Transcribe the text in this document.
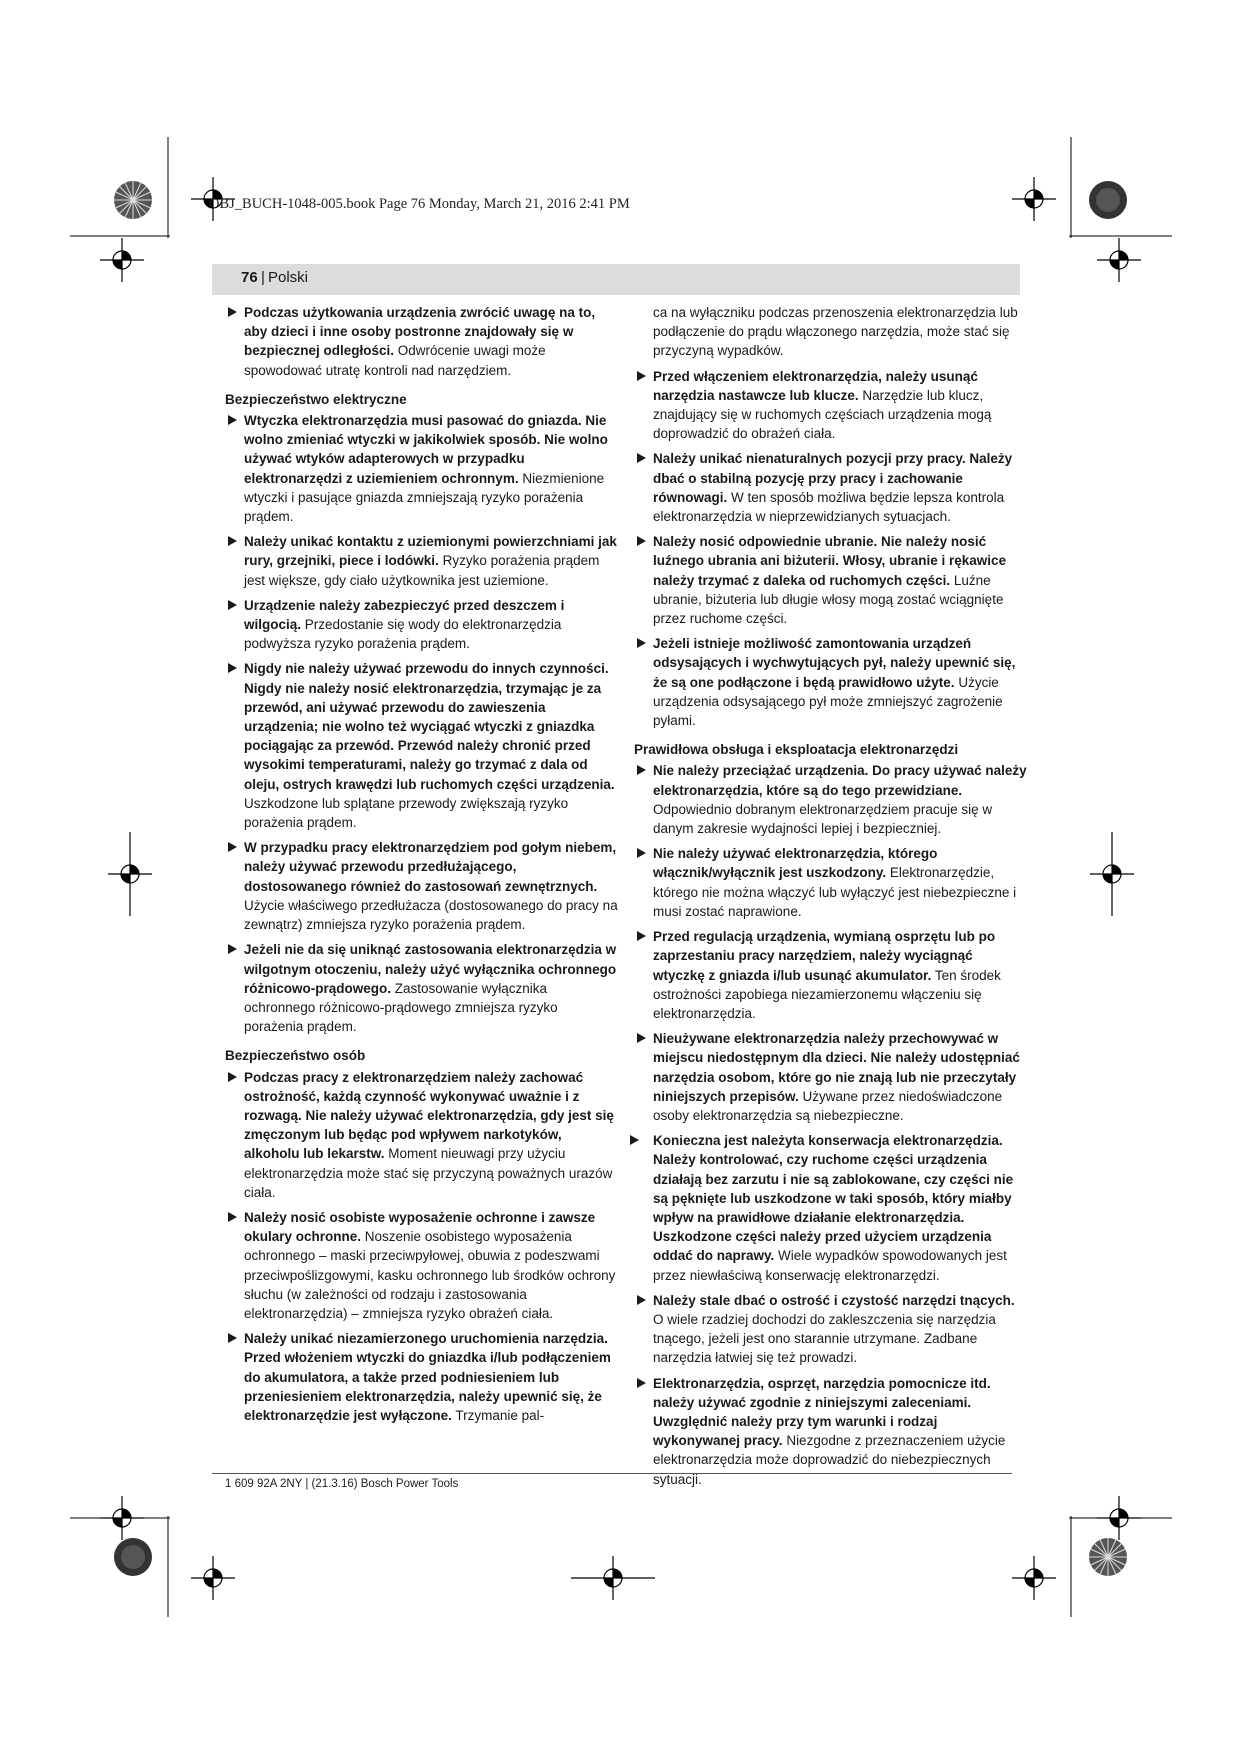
OBJ_BUCH-1048-005.book Page 76 Monday, March 21, 2016 2:41 PM
76 | Polski
Podczas użytkowania urządzenia zwrócić uwagę na to, aby dzieci i inne osoby postronne znajdowały się w bezpiecznej odległości. Odwrócenie uwagi może spowodować utratę kontroli nad narzędziem.
Bezpieczeństwo elektryczne
Wtyczka elektronarzędzia musi pasować do gniazda. Nie wolno zmieniać wtyczki w jakikolwiek sposób. Nie wolno używać wtyków adapterowych w przypadku elektronarzędzi z uziemieniem ochronnym. Niezmienione wtyczki i pasujące gniazda zmniejszają ryzyko porażenia prądem.
Należy unikać kontaktu z uziemionymi powierzchniami jak rury, grzejniki, piece i lodówki. Ryzyko porażenia prądem jest większe, gdy ciało użytkownika jest uziemione.
Urządzenie należy zabezpieczyć przed deszczem i wilgocią. Przedostanie się wody do elektronarzędzia podwyższa ryzyko porażenia prądem.
Nigdy nie należy używać przewodu do innych czynności. Nigdy nie należy nosić elektronarzędzia, trzymając je za przewód, ani używać przewodu do zawieszenia urządzenia; nie wolno też wyciągać wtyczki z gniazdka pociągając za przewód. Przewód należy chronić przed wysokimi temperaturami, należy go trzymać z dala od oleju, ostrych krawędzi lub ruchomych części urządzenia. Uszkodzone lub splątane przewody zwiększają ryzyko porażenia prądem.
W przypadku pracy elektronarzędziem pod gołym niebem, należy używać przewodu przedłużającego, dostosowanego również do zastosowań zewnętrznych. Użycie właściwego przedłużacza (dostosowanego do pracy na zewnątrz) zmniejsza ryzyko porażenia prądem.
Jeżeli nie da się uniknąć zastosowania elektronarzędzia w wilgotnym otoczeniu, należy użyć wyłącznika ochronnego różnicowo-prądowego. Zastosowanie wyłącznika ochronnego różnicowo-prądowego zmniejsza ryzyko porażenia prądem.
Bezpieczeństwo osób
Podczas pracy z elektronarzędziem należy zachować ostrożność, każdą czynność wykonywać uważnie i z rozwagą. Nie należy używać elektronarzędzia, gdy jest się zmęczonym lub będąc pod wpływem narkotyków, alkoholu lub lekarstw. Moment nieuwagi przy użyciu elektronarzędzia może stać się przyczyną poważnych urazów ciała.
Należy nosić osobiste wyposażenie ochronne i zawsze okulary ochronne. Noszenie osobistego wyposażenia ochronnego – maski przeciwpyłowej, obuwia z podeszwami przeciwpoślizgowymi, kasku ochronnego lub środków ochrony słuchu (w zależności od rodzaju i zastosowania elektronarzędzia) – zmniejsza ryzyko obrażeń ciała.
Należy unikać niezamierzonego uruchomienia narzędzia. Przed włożeniem wtyczki do gniazdka i/lub podłączeniem do akumulatora, a także przed podniesieniem lub przeniesieniem elektronarzędzia, należy upewnić się, że elektronarzędzie jest wyłączone. Trzymanie pal-
ca na wyłączniku podczas przenoszenia elektronarzędzia lub podłączenie do prądu włączonego narzędzia, może stać się przyczyną wypadków.
Przed włączeniem elektronarzędzia, należy usunąć narzędzia nastawcze lub klucze. Narzędzie lub klucz, znajdujący się w ruchomych częściach urządzenia mogą doprowadzić do obrażeń ciała.
Należy unikać nienaturalnych pozycji przy pracy. Należy dbać o stabilną pozycję przy pracy i zachowanie równowagi. W ten sposób możliwa będzie lepsza kontrola elektronarzędzia w nieprzewidzianych sytuacjach.
Należy nosić odpowiednie ubranie. Nie należy nosić luźnego ubrania ani biżuterii. Włosy, ubranie i rękawice należy trzymać z daleka od ruchomych części. Luźne ubranie, biżuteria lub długie włosy mogą zostać wciągnięte przez ruchome części.
Jeżeli istnieje możliwość zamontowania urządzeń odsysających i wychwytujących pył, należy upewnić się, że są one podłączone i będą prawidłowo użyte. Użycie urządzenia odsysającego pył może zmniejszyć zagrożenie pyłami.
Prawidłowa obsługa i eksploatacja elektronarzędzi
Nie należy przeciążać urządzenia. Do pracy używać należy elektronarzędzia, które są do tego przewidziane. Odpowiednio dobranym elektronarzędziem pracuje się w danym zakresie wydajności lepiej i bezpieczniej.
Nie należy używać elektronarzędzia, którego włącznik/wyłącznik jest uszkodzony. Elektronarzędzie, którego nie można włączyć lub wyłączyć jest niebezpieczne i musi zostać naprawione.
Przed regulacją urządzenia, wymianą osprzętu lub po zaprzestaniu pracy narzędziem, należy wyciągnąć wtyczkę z gniazda i/lub usunąć akumulator. Ten środek ostrożności zapobiega niezamierzonemu włączeniu się elektronarzędzia.
Nieużywane elektronarzędzia należy przechowywać w miejscu niedostępnym dla dzieci. Nie należy udostępniać narzędzia osobom, które go nie znają lub nie przeczytały niniejszych przepisów. Używane przez niedoświadczone osoby elektronarzędzia są niebezpieczne.
Konieczna jest należyta konserwacja elektronarzędzia. Należy kontrolować, czy ruchome części urządzenia działają bez zarzutu i nie są zablokowane, czy części nie są pęknięte lub uszkodzone w taki sposób, który miałby wpływ na prawidłowe działanie elektronarzędzia. Uszkodzone części należy przed użyciem urządzenia oddać do naprawy. Wiele wypadków spowodowanych jest przez niewłaściwą konserwację elektronarzędzi.
Należy stale dbać o ostrość i czystość narzędzi tnących. O wiele rzadziej dochodzi do zakleszczenia się narzędzia tnącego, jeżeli jest ono starannie utrzymane. Zadbane narzędzia łatwiej się też prowadzi.
Elektronarzędzia, osprzęt, narzędzia pomocnicze itd. należy używać zgodnie z niniejszymi zaleceniami. Uwzględnić należy przy tym warunki i rodzaj wykonywanej pracy. Niezgodne z przeznaczeniem użycie elektronarzędzia może doprowadzić do niebezpiecznych sytuacji.
1 609 92A 2NY | (21.3.16) Bosch Power Tools
